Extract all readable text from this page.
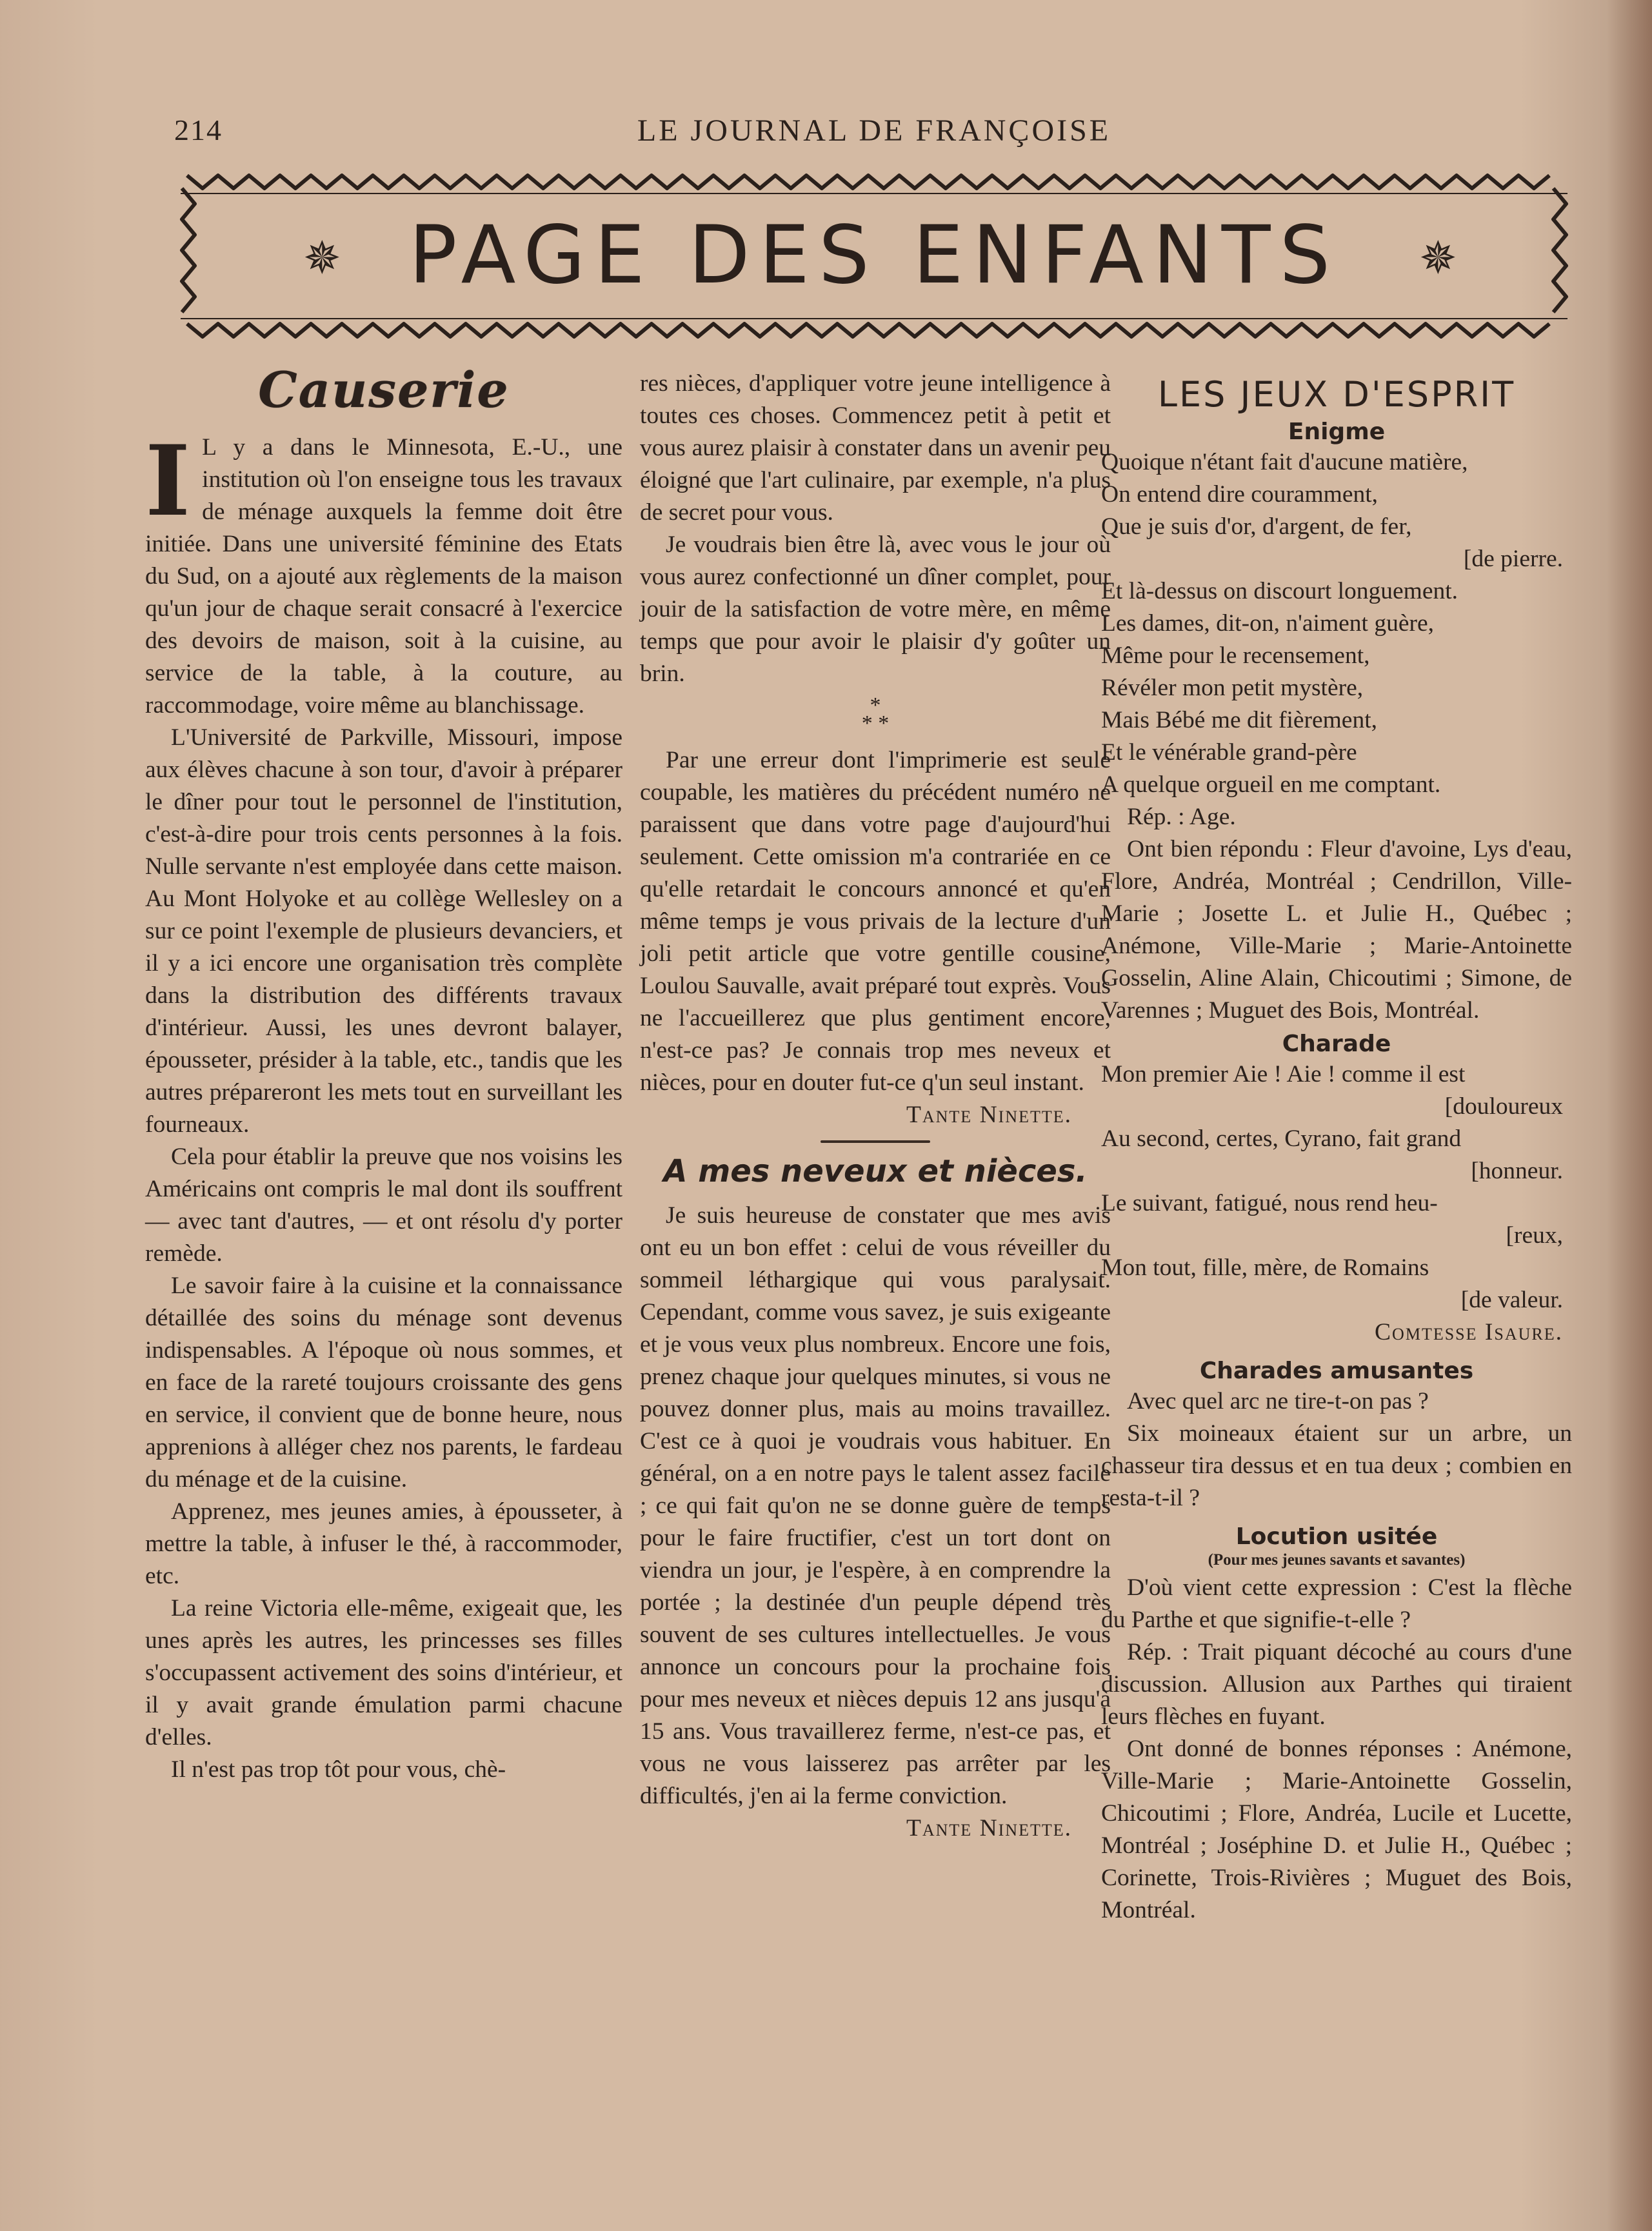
214	LE JOURNAL DE FRANÇOISE
✵ PAGE DES ENFANTS	✵
Causerie

I L y a dans le Minnesota, E.-U., une institution où l'on enseigne tous les travaux de ménage auxquels la femme doit être initiée. Dans une université féminine des Etats du Sud, on a ajouté aux règlements de la maison qu'un jour de chaque serait consacré à l'exercice des devoirs de maison, soit à la cuisine, au service de la table, à la couture, au raccommodage, voire même au blanchissage.

L'Université de Parkville, Missouri, impose aux élèves chacune à son tour, d'avoir à préparer le dîner pour tout le personnel de l'institution, c'est-à-dire pour trois cents personnes à la fois. Nulle servante n'est employée dans cette maison. Au Mont Holyoke et au collège Wellesley on a sur ce point l'exemple de plusieurs devanciers, et il y a ici encore une organisation très complète dans la distribution des différents travaux d'intérieur. Aussi, les unes devront balayer, épousseter, présider à la table, etc., tandis que les autres prépareront les mets tout en surveillant les fourneaux.

Cela pour établir la preuve que nos voisins les Américains ont compris le mal dont ils souffrent — avec tant d'autres, — et ont résolu d'y porter remède.

Le savoir faire à la cuisine et la connaissance détaillée des soins du ménage sont devenus indispensables. A l'époque où nous sommes, et en face de la rareté toujours croissante des gens en service, il convient que de bonne heure, nous apprenions à alléger chez nos parents, le fardeau du ménage et de la cuisine.

Apprenez, mes jeunes amies, à épousseter, à mettre la table, à infuser le thé, à raccommoder, etc.

La reine Victoria elle-même, exigeait que, les unes après les autres, les princesses ses filles s'occupassent activement des soins d'intérieur, et il y avait grande émulation parmi chacune d'elles.

Il n'est pas trop tôt pour vous, chè-

res nièces, d'appliquer votre jeune intelligence à toutes ces choses. Commencez petit à petit et vous aurez plaisir à constater dans un avenir peu éloigné que l'art culinaire, par exemple, n'a plus de secret pour vous.

Je voudrais bien être là, avec vous le jour où vous aurez confectionné un dîner complet, pour jouir de la satisfaction de votre mère, en même temps que pour avoir le plaisir d'y goûter un brin.

*
* *

Par une erreur dont l'imprimerie est seule coupable, les matières du précédent numéro ne paraissent que dans votre page d'aujourd'hui seulement. Cette omission m'a contrariée en ce qu'elle retardait le concours annoncé et qu'en même temps je vous privais de la lecture d'un joli petit article que votre gentille cousine, Loulou Sauvalle, avait préparé tout exprès. Vous ne l'accueillerez que plus gentiment encore, n'est-ce pas? Je connais trop mes neveux et nièces, pour en douter fut-ce q'un seul instant.

Tante Ninette.

A mes neveux et nièces.

Je suis heureuse de constater que mes avis ont eu un bon effet : celui de vous réveiller du sommeil léthargique qui vous paralysait. Cependant, comme vous savez, je suis exigeante et je vous veux plus nombreux. Encore une fois, prenez chaque jour quelques minutes, si vous ne pouvez donner plus, mais au moins travaillez. C'est ce à quoi je voudrais vous habituer. En général, on a en notre pays le talent assez facile ; ce qui fait qu'on ne se donne guère de temps pour le faire fructifier, c'est un tort dont on viendra un jour, je l'espère, à en comprendre la portée ; la destinée d'un peuple dépend très souvent de ses cultures intellectuelles. Je vous annonce un concours pour la prochaine fois pour mes neveux et nièces depuis 12 ans jusqu'à 15 ans. Vous travaillerez ferme, n'est-ce pas, et vous ne vous laisserez pas arrêter par les difficultés, j'en ai la ferme conviction.

Tante Ninette.

LES JEUX D'ESPRIT
Enigme

Quoique n'étant fait d'aucune matière,

On entend dire couramment,

Que je suis d'or, d'argent, de fer,

[de pierre.

Et là-dessus on discourt longuement.

Les dames, dit-on, n'aiment guère,

Même pour le recensement,

Révéler mon petit mystère,

Mais Bébé me dit fièrement,

Et le vénérable grand-père

A quelque orgueil en me comptant.

Rép. : Age.

Ont bien répondu : Fleur d'avoine, Lys d'eau, Flore, Andréa, Montréal ; Cendrillon, Ville-Marie ; Josette L. et Julie H., Québec ; Anémone, Ville-Marie ; Marie-Antoinette Gosselin, Aline Alain, Chicoutimi ; Simone, de Varennes ; Muguet des Bois, Montréal.

Charade

Mon premier Aie ! Aie ! comme il est

[douloureux

Au second, certes, Cyrano, fait grand

[honneur.

Le suivant, fatigué, nous rend heu-

[reux,

Mon tout, fille, mère, de Romains

[de valeur.

Comtesse Isaure.

Charades amusantes

Avec quel arc ne tire-t-on pas ?

Six moineaux étaient sur un arbre, un chasseur tira dessus et en tua deux ; combien en resta-t-il ?

Locution usitée
(Pour mes jeunes savants et savantes)

D'où vient cette expression : C'est la flèche du Parthe et que signifie-t-elle ?

Rép. : Trait piquant décoché au cours d'une discussion. Allusion aux Parthes qui tiraient leurs flèches en fuyant.

Ont donné de bonnes réponses : Anémone, Ville-Marie ; Marie-Antoinette Gosselin, Chicoutimi ; Flore, Andréa, Lucile et Lucette, Montréal ; Joséphine D. et Julie H., Québec ; Corinette, Trois-Rivières ; Muguet des Bois, Montréal.
